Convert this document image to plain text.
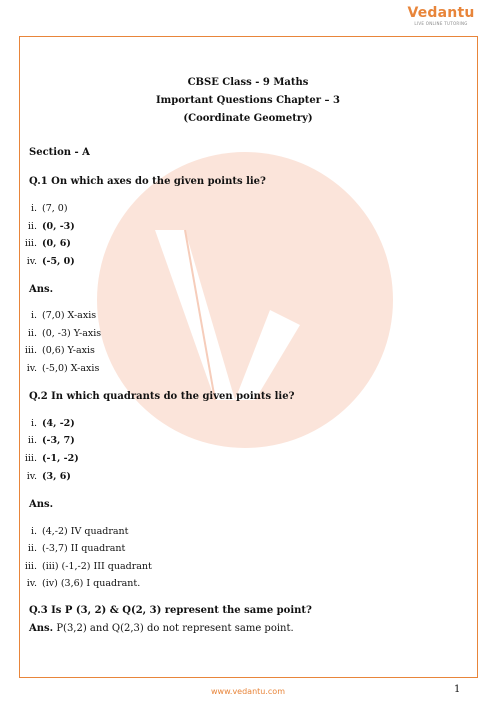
Vedantu
LIVE ONLINE TUTORING
CBSE Class - 9 Maths
Important Questions Chapter – 3
(Coordinate Geometry)
Section - A
Q.1 On which axes do the given points lie?
i. (7, 0)
ii. (0, -3)
iii. (0, 6)
iv. (-5, 0)
Ans.
i. (7,0) X-axis
ii. (0, -3) Y-axis
iii. (0,6) Y-axis
iv. (-5,0) X-axis
Q.2 In which quadrants do the given points lie?
i. (4, -2)
ii. (-3, 7)
iii. (-1, -2)
iv. (3, 6)
Ans.
i. (4,-2) IV quadrant
ii. (-3,7) II quadrant
iii. (iii) (-1,-2) III quadrant
iv. (iv) (3,6) I quadrant.
Q.3 Is P (3, 2) & Q(2, 3) represent the same point?
Ans. P(3,2) and Q(2,3) do not represent same point.
1
www.vedantu.com
